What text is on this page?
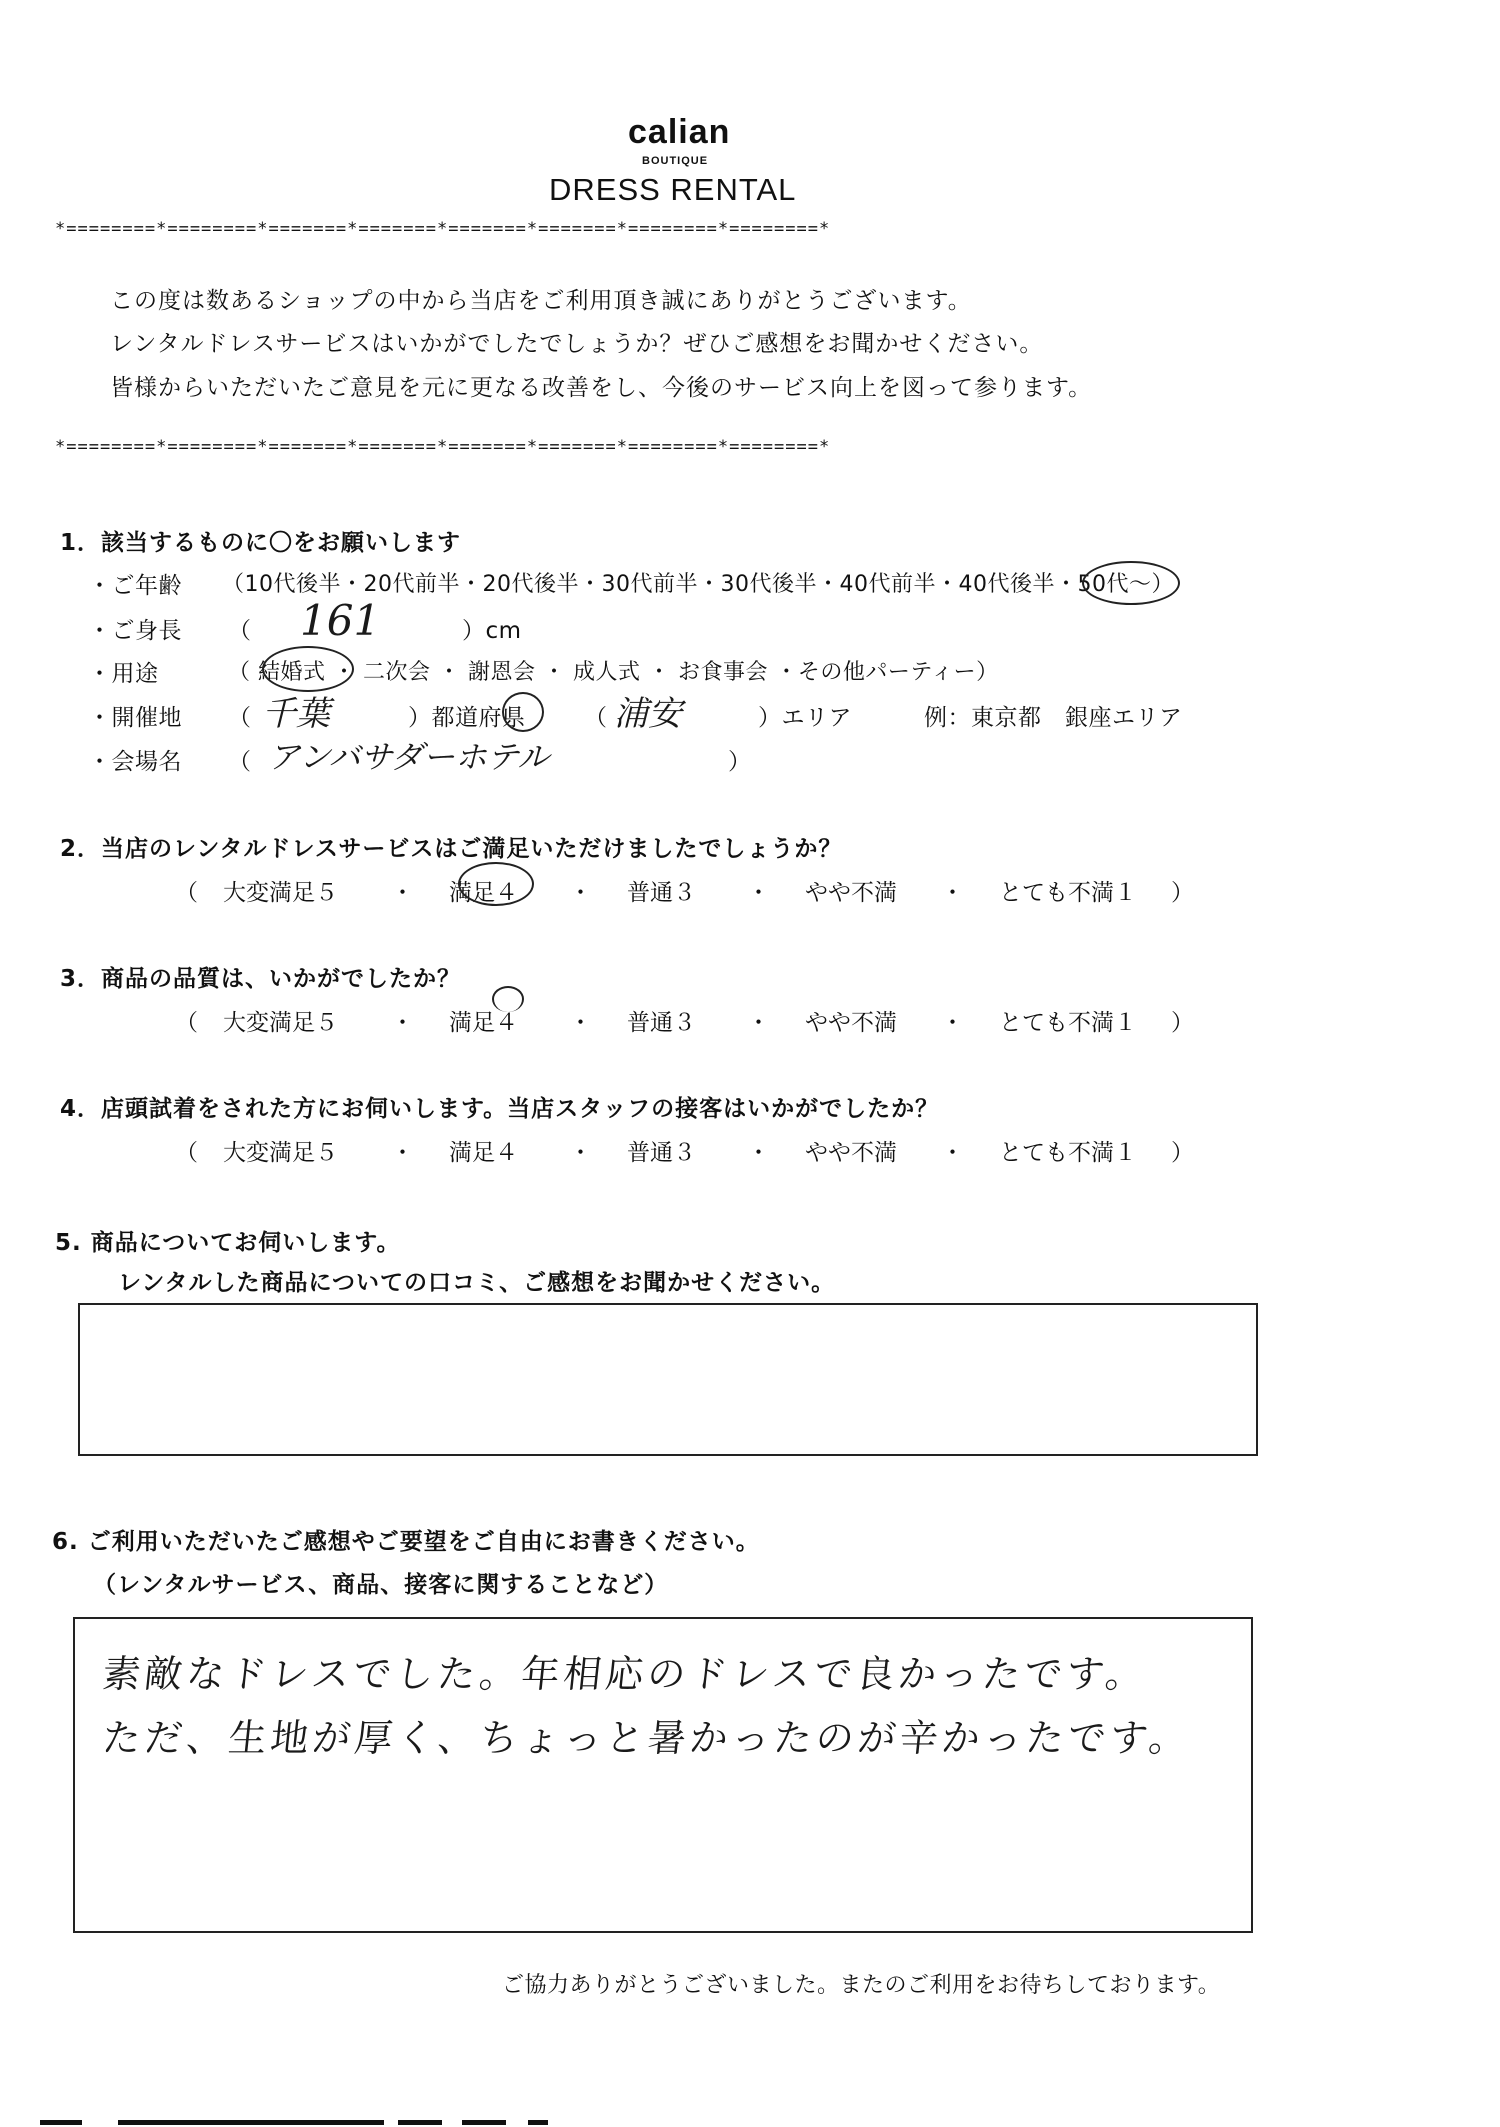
calian
BOUTIQUE
DRESS RENTAL
*========*========*=======*=======*=======*=======*========*========*
この度は数あるショップの中から当店をご利用頂き誠にありがとうございます。
レンタルドレスサービスはいかがでしたでしょうか？ぜひご感想をお聞かせください。
皆様からいただいたご意見を元に更なる改善をし、今後のサービス向上を図って参ります。
*========*========*=======*=======*=======*=======*========*========*
1．該当するものに〇をお願いします
・ご年齢 （10代後半・20代前半・20代後半・30代前半・30代後半・40代前半・40代後半・50代～）
・ご身長 （ 161	）cm
・用途	（ 結婚式 ・ 二次会 ・ 謝恩会 ・ 成人式 ・ お食事会 ・その他パーティー）
・開催地 （ 千葉	）都道府県	（ 浦安	）エリア	例：東京都　銀座エリア
・会場名 （ アンバサダーホテル	）
2．当店のレンタルドレスサービスはご満足いただけましたでしょうか？
（	大変満足５	・	満足４	・	普通３	・	やや不満	・	とても不満１	）
3．商品の品質は、いかがでしたか？
（	大変満足５	・	満足４	・	普通３	・	やや不満	・	とても不満１	）
4．店頭試着をされた方にお伺いします。当店スタッフの接客はいかがでしたか？
（	大変満足５	・	満足４	・	普通３	・	やや不満	・	とても不満１	）
5. 商品についてお伺いします。
レンタルした商品についての口コミ、ご感想をお聞かせください。
6. ご利用いただいたご感想やご要望をご自由にお書きください。
（レンタルサービス、商品、接客に関することなど）
素敵なドレスでした。年相応のドレスで良かったです。
ただ、生地が厚く、ちょっと暑かったのが辛かったです。
ご協力ありがとうございました。またのご利用をお待ちしております。
